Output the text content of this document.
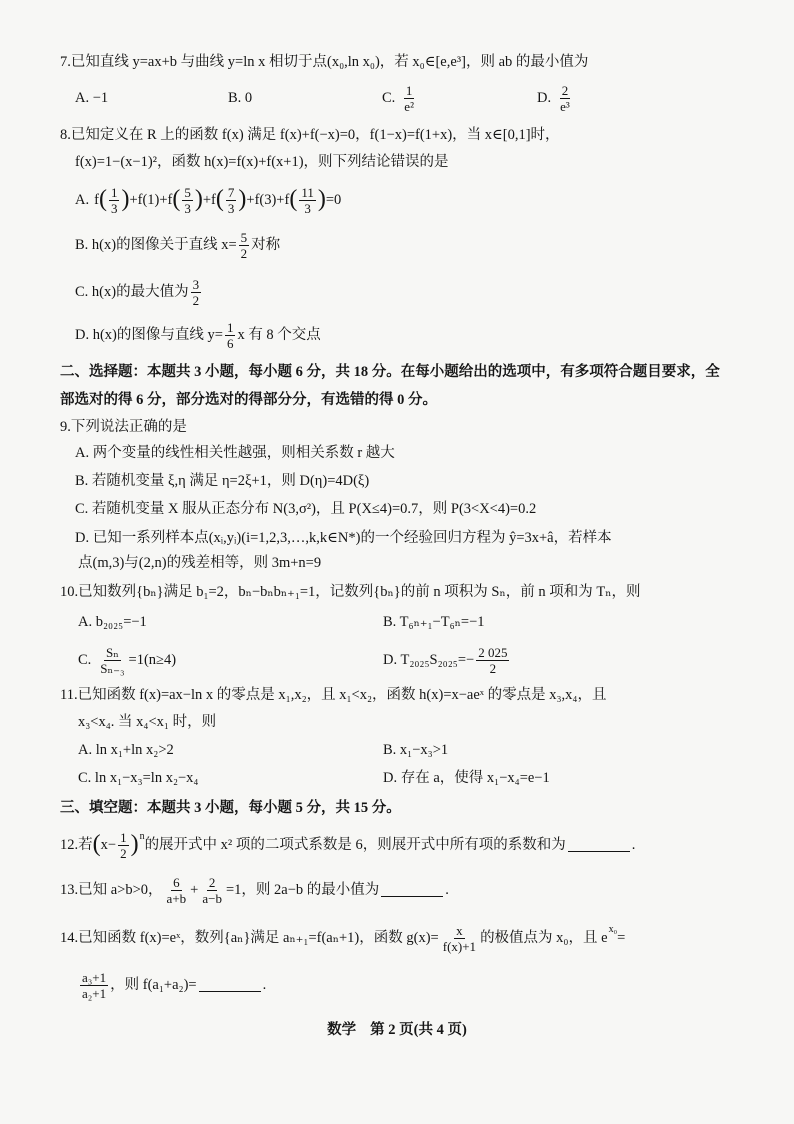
7.已知直线 y=ax+b 与曲线 y=ln x 相切于点(x₀,ln x₀)，若 x₀∈[e,e³]，则 ab 的最小值为
A. −1	B. 0	C. $\frac{1}{\text{e²}}$	D. $\frac{2}{\text{e³}}$
8.已知定义在 R 上的函数 f(x) 满足 f(x)+f(−x)=0，f(1−x)=f(1+x)，当 x∈[0,1]时，
f(x)=1−(x−1)²，函数 h(x)=f(x)+f(x+1)，则下列结论错误的是
A. f ( $\frac{1}{3}$ ) +f(1)+f ( $\frac{5}{3}$ ) +f ( $\frac{7}{3}$ ) +f(3)+f ( $\frac{11}{3}$ ) =0
B. h(x)的图像关于直线 $x= \frac{5}{2}$ 对称
C. h(x)的最大值为 $\frac{3}{2}$
D. h(x)的图像与直线 $y= \frac{1}{6}$ x 有 8 个交点
二、选择题：本题共 3 小题，每小题 6 分，共 18 分。在每小题给出的选项中，有多项符合题目要求，全
部选对的得 6 分，部分选对的得部分分，有选错的得 0 分。
9.下列说法正确的是
A. 两个变量的线性相关性越强，则相关系数 r 越大
B. 若随机变量 ξ,η 满足 η=2ξ+1，则 D(η)=4D(ξ)
C. 若随机变量 X 服从正态分布 N(3,σ²)，且 P(X≤4)=0.7，则 P(3<X<4)=0.2
D. 已知一系列样本点(xᵢ,yᵢ)(i=1,2,3,…,k,k∈N*)的一个经验回归方程为 ŷ=3x+â，若样本
点(m,3)与(2,n)的残差相等，则 3m+n=9
10.已知数列{bₙ}满足 b₁=2，bₙ−bₙbₙ₊₁=1，记数列{bₙ}的前 n 项积为 Sₙ，前 n 项和为 Tₙ，则
A. b₂₀₂₅=−1	B. T₆ₙ₊₁−T₆ₙ=−1
C. $\frac{\text{Sₙ}}{\text{Sₙ₋₃}} =1(n\ge 4)$	D. $T_{2025}S_{2025}=- \frac{2 025}{2}$
11.已知函数 f(x)=ax−ln x 的零点是 x₁,x₂，且 x₁<x₂，函数 h(x)=x−aeˣ 的零点是 x₃,x₄，且
x₃<x₄. 当 x₄<x₁ 时，则
A. ln x₁+ln x₂>2	B. x₁−x₃>1
C. ln x₁−x₃=ln x₂−x₄	D. 存在 a，使得 x₁−x₄=e−1
三、填空题：本题共 3 小题，每小题 5 分，共 15 分。
12.若 ( $x- \frac{1}{2}$ ) n
的展开式中 x² 项的二项式系数是 6，则展开式中所有项的系数和为	.
13.已知 a>b>0， $\frac{6}{a+b} + \frac{2}{a-b} =1$，则 2a−b 的最小值为	.
14.已知函数 f(x)=eˣ，数列{aₙ}满足 aₙ₊₁=f(aₙ+1)，函数 $g(x)= \frac{x}{f(x)+1}$ 的极值点为 x₀，且 e
x₀
=
$\frac{\text{a₃+1}}{\text{a₂+1}}$ ，则 f(a₁+a₂)=	.
数学 第 2 页(共 4 页)
